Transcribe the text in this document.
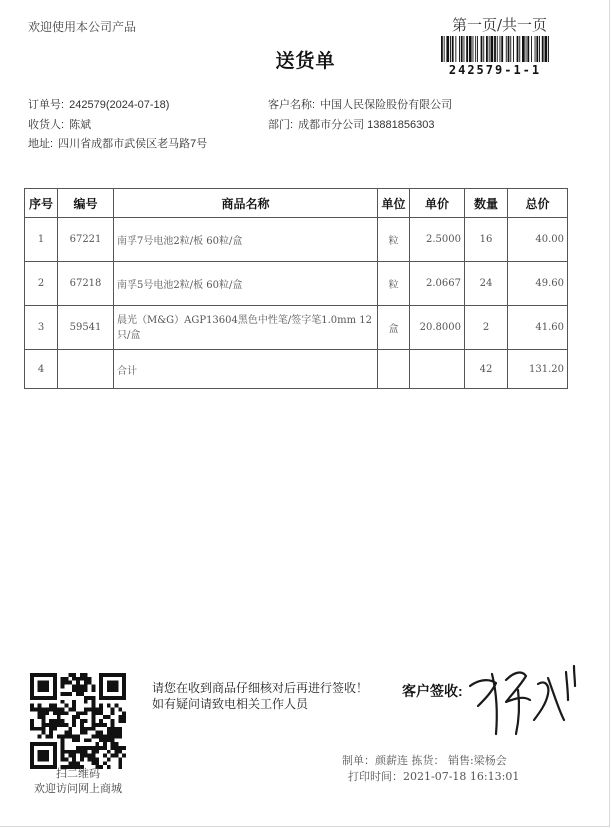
欢迎使用本公司产品	第一页/共一页
送货单	242579-1-1
订单号: 242579(2024-07-18)	客户名称: 中国人民保险股份有限公司
收货人: 陈斌	部门: 成都市分公司 13881856303
地址: 四川省成都市武侯区老马路7号
序号	编号	商品名称	单位	单价	数量	总价
1	67221	南孚7号电池2粒/板 60粒/盒	粒	2.5000	16	40.00
2	67218	南孚5号电池2粒/板 60粒/盒	粒	2.0667	24	49.60
3	59541	晨光（M&G）AGP13604黑色中性笔/签字笔1.0mm 12只/盒	盒	20.8000	2	41.60
4		合计			42	131.20
扫二维码
欢迎访问网上商城
请您在收到商品仔细核对后再进行签收！如有疑问请致电相关工作人员
客户签收:
制单：颜薪连 拣货： 销售:梁杨会
打印时间：2021-07-18 16:13:01
